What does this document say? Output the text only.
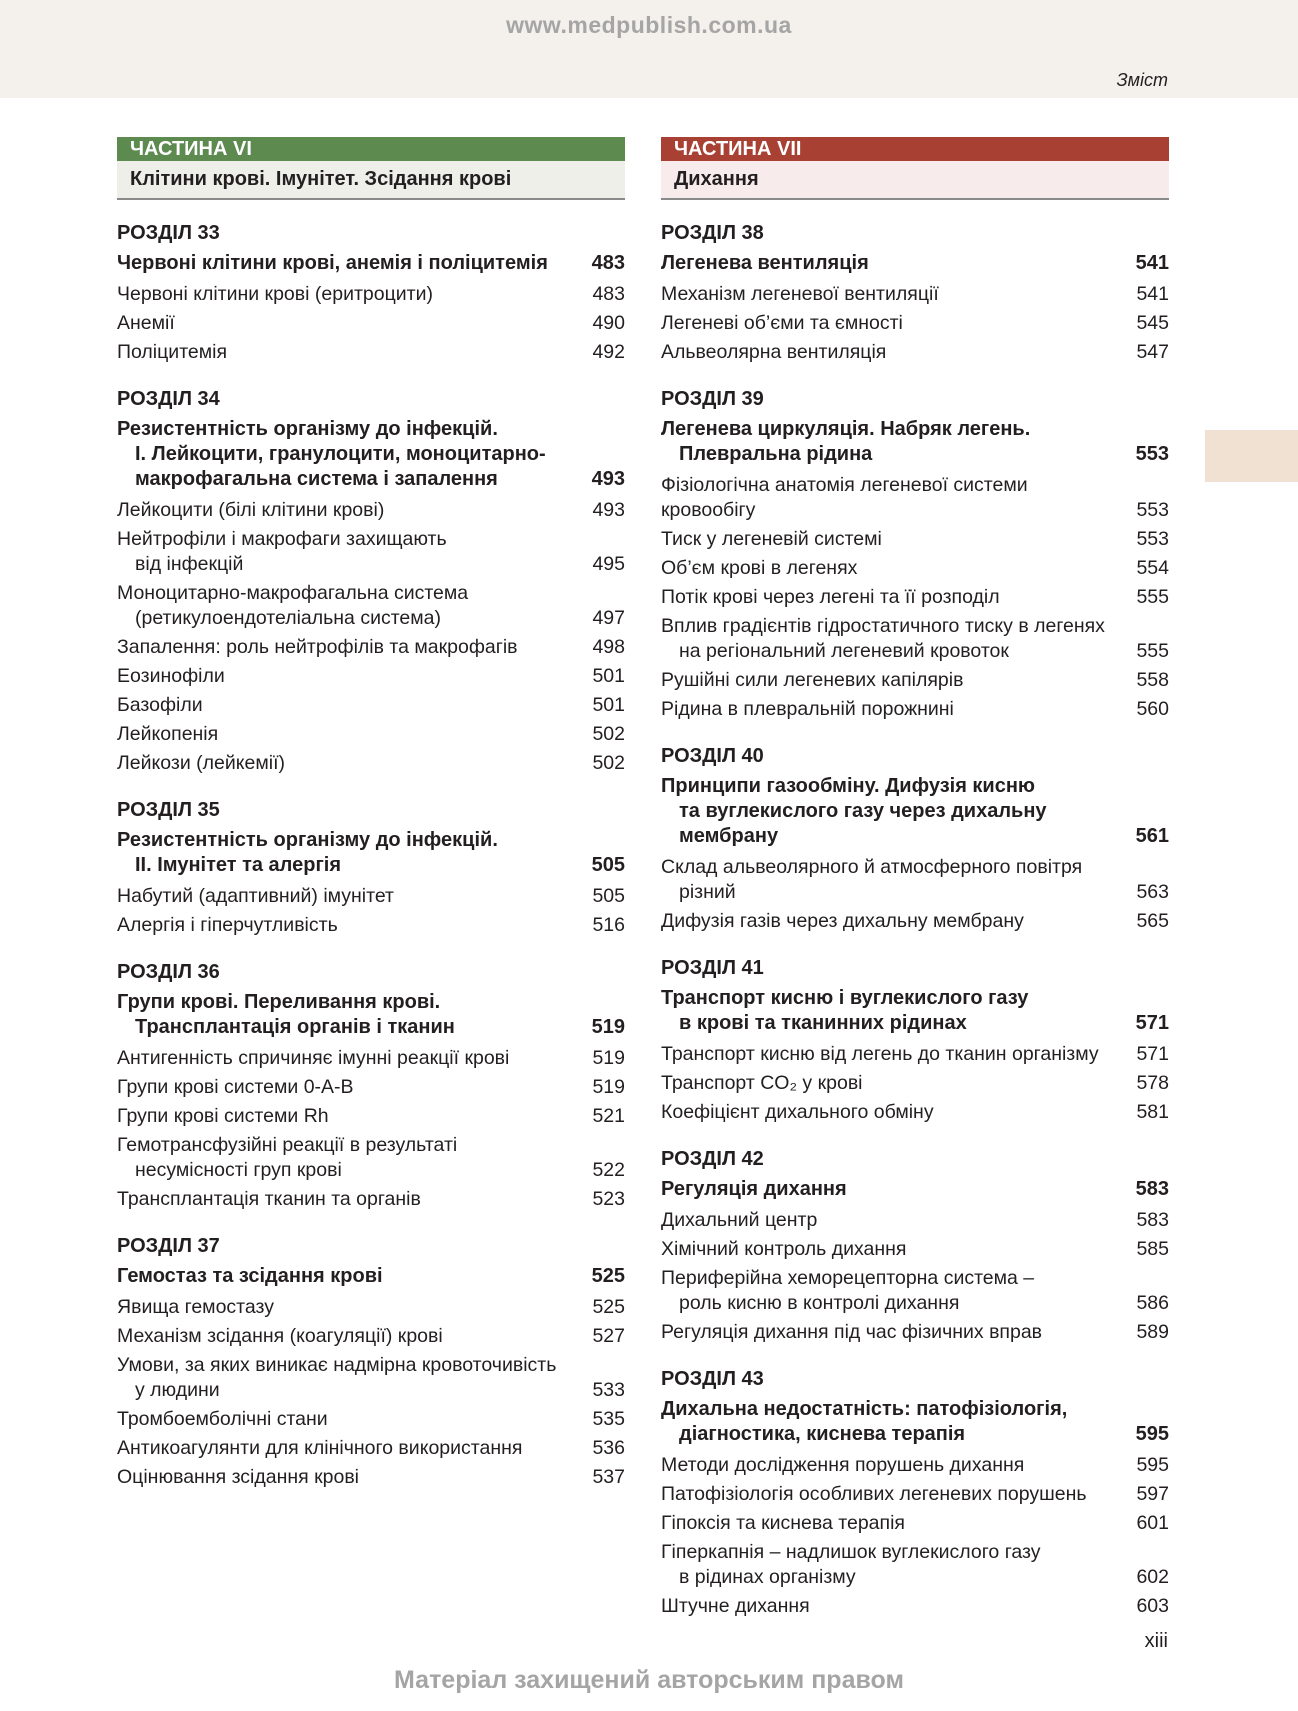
www.medpublish.com.ua
Зміст
ЧАСТИНА VI
Клітини крові. Імунітет. Зсідання крові
РОЗДІЛ 33
Червоні клітини крові, анемія і поліцитемія 483
Червоні клітини крові (еритроцити)	483
Анемії	490
Поліцитемія	492
РОЗДІЛ 34
Резистентність організму до інфекцій.
I. Лейкоцити, гранулоцити, моноцитарно-
макрофагальна система і запалення	493
Лейкоцити (білі клітини крові)	493
Нейтрофіли і макрофаги захищають
від інфекцій	495
Моноцитарно-макрофагальна система
(ретикулоендотеліальна система)	497
Запалення: роль нейтрофілів та макрофагів	498
Еозинофіли	501
Базофіли	501
Лейкопенія	502
Лейкози (лейкемії)	502
РОЗДІЛ 35
Резистентність організму до інфекцій.
II. Імунітет та алергія	505
Набутий (адаптивний) імунітет	505
Алергія і гіперчутливість	516
РОЗДІЛ 36
Групи крові. Переливання крові.
Трансплантація органів і тканин	519
Антигенність спричиняє імунні реакції крові	519
Групи крові системи 0-A-B	519
Групи крові системи Rh	521
Гемотрансфузійні реакції в результаті
несумісності груп крові	522
Трансплантація тканин та органів	523
РОЗДІЛ 37
Гемостаз та зсідання крові	525
Явища гемостазу	525
Механізм зсідання (коагуляції) крові	527
Умови, за яких виникає надмірна кровоточивість
у людини	533
Тромбоемболічні стани	535
Антикоагулянти для клінічного використання	536
Оцінювання зсідання крові	537
ЧАСТИНА VII
Дихання
РОЗДІЛ 38
Легенева вентиляція	541
Механізм легеневої вентиляції	541
Легеневі об’єми та ємності	545
Альвеолярна вентиляція	547
РОЗДІЛ 39
Легенева циркуляція. Набряк легень.
Плевральна рідина	553
Фізіологічна анатомія легеневої системи кровообігу	553
Тиск у легеневій системі	553
Об’єм крові в легенях	554
Потік крові через легені та її розподіл	555
Вплив градієнтів гідростатичного тиску в легенях
на регіональний легеневий кровоток	555
Рушійні сили легеневих капілярів	558
Рідина в плевральній порожнині	560
РОЗДІЛ 40
Принципи газообміну. Дифузія кисню
та вуглекислого газу через дихальну мембрану	561
Склад альвеолярного й атмосферного повітря
різний	563
Дифузія газів через дихальну мембрану	565
РОЗДІЛ 41
Транспорт кисню і вуглекислого газу
в крові та тканинних рідинах	571
Транспорт кисню від легень до тканин організму 571
Транспорт CO₂ у крові	578
Коефіцієнт дихального обміну	581
РОЗДІЛ 42
Регуляція дихання	583
Дихальний центр	583
Хімічний контроль дихання	585
Периферійна хеморецепторна система –
роль кисню в контролі дихання	586
Регуляція дихання під час фізичних вправ	589
РОЗДІЛ 43
Дихальна недостатність: патофізіологія,
діагностика, киснева терапія	595
Методи дослідження порушень дихання	595
Патофізіологія особливих легеневих порушень	597
Гіпоксія та киснева терапія	601
Гіперкапнія – надлишок вуглекислого газу
в рідинах організму	602
Штучне дихання	603
xiii
Матеріал захищений авторським правом
